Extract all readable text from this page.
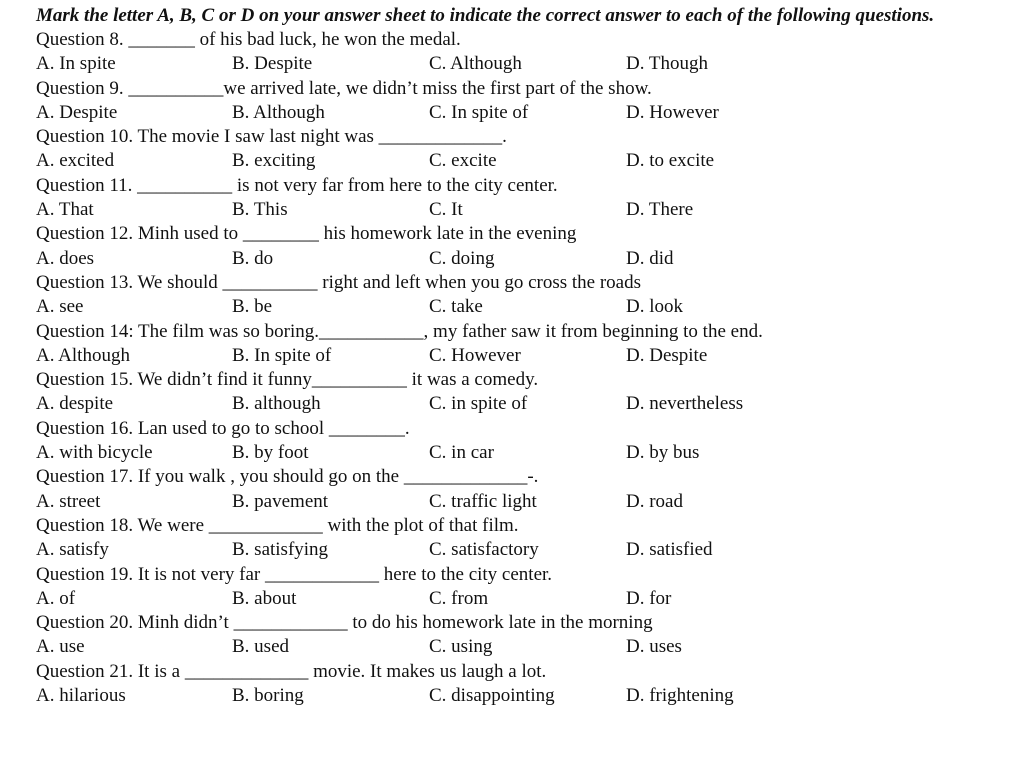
Mark the letter A, B, C or D on your answer sheet to indicate the correct answer to each of the following questions.

Question 8. _______ of his bad luck, he won the medal.
A. In spite	B. Despite	C. Although	D. Though
Question 9. __________we arrived late, we didn’t miss the first part of the show.
A. Despite	B. Although	C. In spite of	D. However
Question 10. The movie I saw last night was _____________.
A. excited	B. exciting	C. excite	D. to excite
Question 11. __________ is not very far from here to the city center.
A. That	B. This	C. It	D. There
Question 12. Minh used to ________ his homework late in the evening
A. does	B. do	C. doing	D. did
Question 13. We should __________ right and left when you go cross the roads
A. see	B. be	C. take	D. look
Question 14: The film was so boring.___________, my father saw it from beginning to the end.
A. Although	B. In spite of	C. However	D. Despite
Question 15. We didn’t find it funny__________ it was a comedy.
A. despite	B. although	C. in spite of	D. nevertheless
Question 16. Lan used to go to school ________.
A. with bicycle	B. by foot	C. in car	D. by bus
Question 17. If you walk , you should go on the _____________-.
A. street	B. pavement	C. traffic light	D. road
Question 18. We were ____________ with the plot of that film.
A. satisfy	B. satisfying	C. satisfactory	D. satisfied
Question 19. It is not very far ____________ here to the city center.
A. of	B. about	C. from	D. for
Question 20. Minh didn’t ____________ to do his homework late in the morning
A. use	B. used	C. using	D. uses
Question 21. It is a _____________ movie. It makes us laugh a lot.
A. hilarious	B. boring	C. disappointing	D. frightening
